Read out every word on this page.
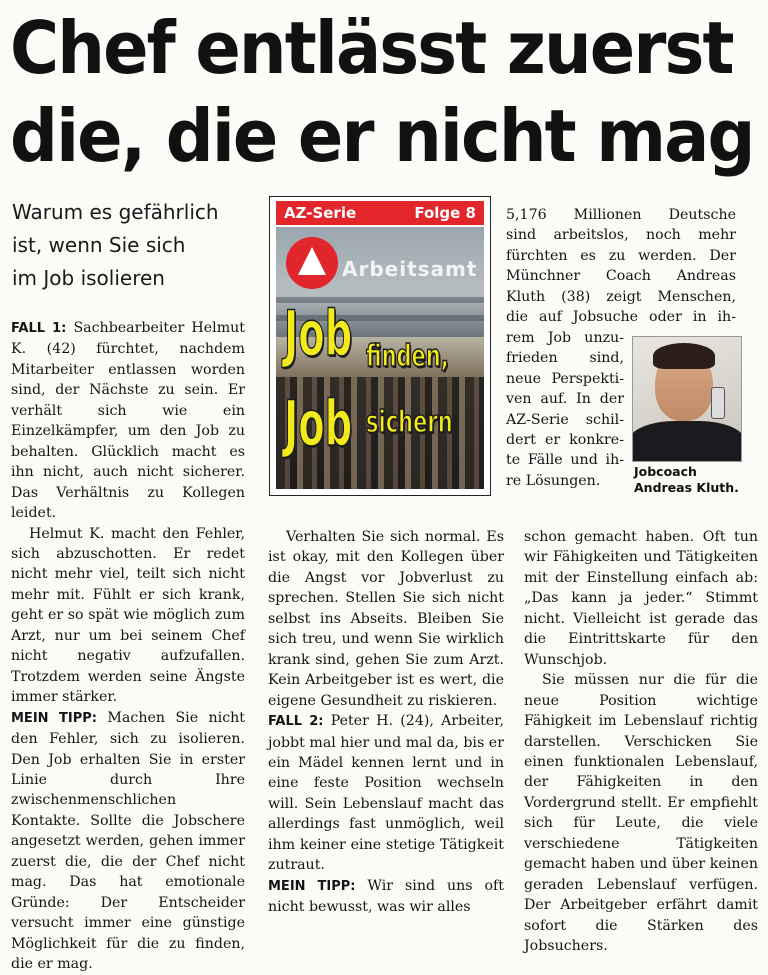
Chef entlässt zuerst
die, die er nicht mag
Warum es gefährlich
ist, wenn Sie sich
im Job isolieren
AZ-Serie	Folge 8
Arbeitsamt
Job finden,
Job sichern
5,176 Millionen Deutsche
sind arbeitslos, noch mehr
fürchten es zu werden. Der
Münchner Coach Andreas
Kluth (38) zeigt Menschen,
die auf Jobsuche oder in ih-
rem Job unzu-
frieden sind,
neue Perspekti-
ven auf. In der
AZ-Serie schil-
dert er konkre-
te Fälle und ih-
re Lösungen.
Jobcoach
Andreas Kluth.

FALL 1: Sachbearbeiter Helmut K. (42) fürchtet, nachdem Mitarbeiter entlassen worden sind, der Nächste zu sein. Er verhält sich wie ein Einzelkämpfer, um den Job zu behalten. Glücklich macht es ihn nicht, auch nicht sicherer. Das Verhältnis zu Kollegen leidet.

Helmut K. macht den Fehler, sich abzuschotten. Er redet nicht mehr viel, teilt sich nicht mehr mit. Fühlt er sich krank, geht er so spät wie möglich zum Arzt, nur um bei seinem Chef nicht negativ aufzufallen. Trotzdem werden seine Ängste immer stärker.

MEIN TIPP: Machen Sie nicht den Fehler, sich zu isolieren. Den Job erhalten Sie in erster Linie durch Ihre zwischenmenschlichen Kontakte. Sollte die Jobschere angesetzt werden, gehen immer zuerst die, die der Chef nicht mag. Das hat emotionale Gründe: Der Entscheider versucht immer eine günstige Möglichkeit für die zu finden, die er mag.

Verhalten Sie sich normal. Es ist okay, mit den Kollegen über die Angst vor Jobverlust zu sprechen. Stellen Sie sich nicht selbst ins Abseits. Bleiben Sie sich treu, und wenn Sie wirklich krank sind, gehen Sie zum Arzt. Kein Arbeitgeber ist es wert, die eigene Gesundheit zu riskieren.

FALL 2: Peter H. (24), Arbeiter, jobbt mal hier und mal da, bis er ein Mädel kennen lernt und in eine feste Position wechseln will. Sein Lebenslauf macht das allerdings fast unmöglich, weil ihm keiner eine stetige Tätigkeit zutraut.

MEIN TIPP: Wir sind uns oft nicht bewusst, was wir alles

schon gemacht haben. Oft tun wir Fähigkeiten und Tätigkeiten mit der Einstellung einfach ab: „Das kann ja jeder.“ Stimmt nicht. Vielleicht ist gerade das die Eintrittskarte für den Wunschjob.

Sie müssen nur die für die neue Position wichtige Fähigkeit im Lebenslauf richtig darstellen. Verschicken Sie einen funktionalen Lebenslauf, der Fähigkeiten in den Vordergrund stellt. Er empfiehlt sich für Leute, die viele verschiedene Tätigkeiten gemacht haben und über keinen geraden Lebenslauf verfügen. Der Arbeitgeber erfährt damit sofort die Stärken des Jobsuchers.
